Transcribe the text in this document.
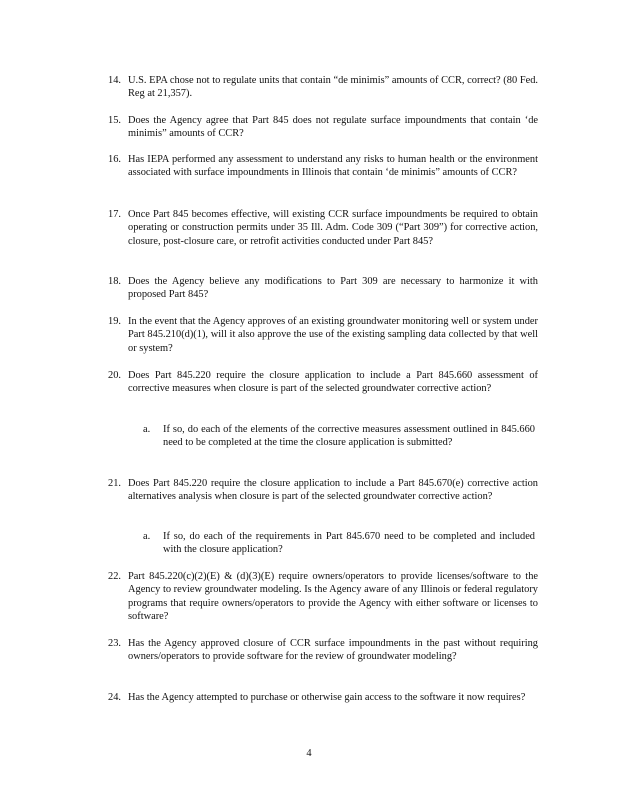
14. U.S. EPA chose not to regulate units that contain “de minimis” amounts of CCR, correct? (80 Fed. Reg at 21,357).
15. Does the Agency agree that Part 845 does not regulate surface impoundments that contain ‘de minimis” amounts of CCR?
16. Has IEPA performed any assessment to understand any risks to human health or the environment associated with surface impoundments in Illinois that contain ‘de minimis” amounts of CCR?
17. Once Part 845 becomes effective, will existing CCR surface impoundments be required to obtain operating or construction permits under 35 Ill. Adm. Code 309 (“Part 309”) for corrective action, closure, post-closure care, or retrofit activities conducted under Part 845?
18. Does the Agency believe any modifications to Part 309 are necessary to harmonize it with proposed Part 845?
19. In the event that the Agency approves of an existing groundwater monitoring well or system under Part 845.210(d)(1), will it also approve the use of the existing sampling data collected by that well or system?
20. Does Part 845.220 require the closure application to include a Part 845.660 assessment of corrective measures when closure is part of the selected groundwater corrective action?
a.	If so, do each of the elements of the corrective measures assessment outlined in 845.660 need to be completed at the time the closure application is submitted?
21. Does Part 845.220 require the closure application to include a Part 845.670(e) corrective action alternatives analysis when closure is part of the selected groundwater corrective action?
a.	If so, do each of the requirements in Part 845.670 need to be completed and included with the closure application?
22. Part 845.220(c)(2)(E) & (d)(3)(E) require owners/operators to provide licenses/software to the Agency to review groundwater modeling. Is the Agency aware of any Illinois or federal regulatory programs that require owners/operators to provide the Agency with either software or licenses to software?
23. Has the Agency approved closure of CCR surface impoundments in the past without requiring owners/operators to provide software for the review of groundwater modeling?
24. Has the Agency attempted to purchase or otherwise gain access to the software it now requires?
4
